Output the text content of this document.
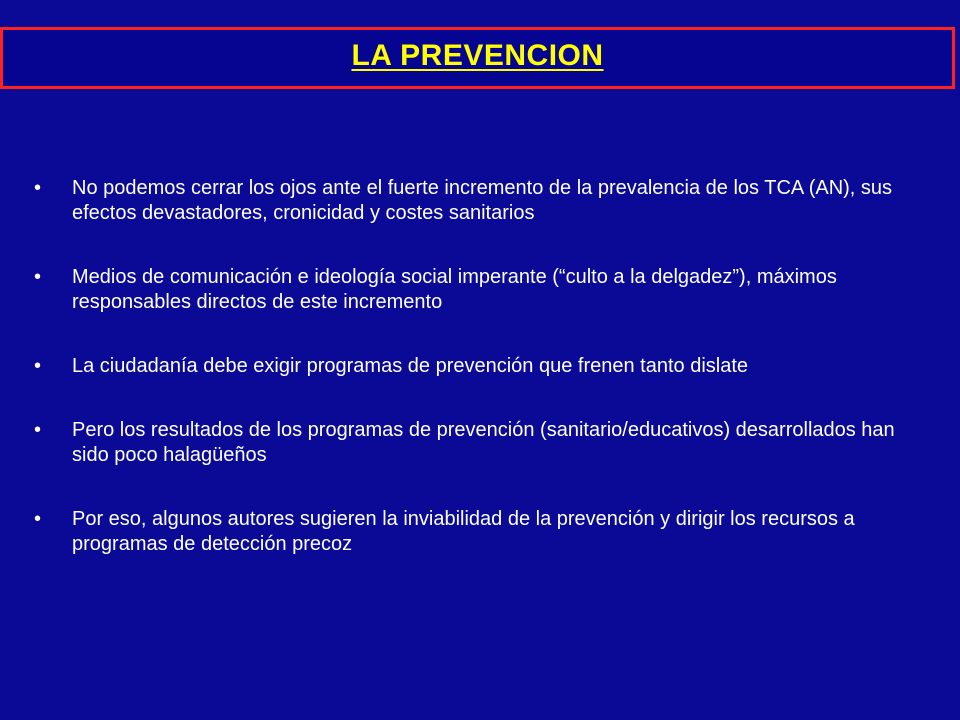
LA PREVENCION
•	No podemos cerrar los ojos ante el fuerte incremento de la prevalencia de los TCA (AN), sus efectos devastadores, cronicidad y costes sanitarios
•	Medios de comunicación e ideología social imperante (“culto a la delgadez”), máximos responsables directos de este incremento
•	La ciudadanía debe exigir programas de prevención que frenen tanto dislate
•	Pero los resultados de los programas de prevención (sanitario/educativos) desarrollados han sido poco halagüeños
•	Por eso, algunos autores sugieren la inviabilidad de la prevención y dirigir los recursos a programas de detección precoz
